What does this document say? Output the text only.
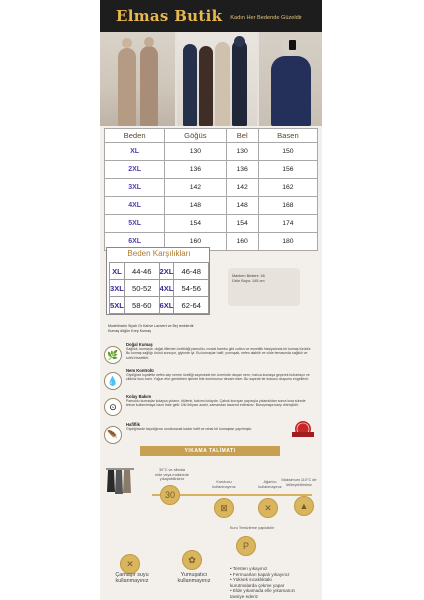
Elmas Butik Kadın Her Bedende Güzeldir
Beden	Göğüs	Bel	Basen
XL	130	130	150
2XL	136	136	156
3XL	142	142	162
4XL	148	148	168
5XL	154	154	174
6XL	160	160	180
Beden Karşılıkları
XL	44-46	2XL	46-48
3XL	50-52	4XL	54-56
5XL	58-60	6XL	62-64
Manken Bedeni: 46
Ürün Boyu: 145 cm
Modelimizin Siyah Or Kahve Lacivert ve Bej renklerdir
Kumaş döğün Krep Kumaş
🌿
Doğal Kumaş
Sağlıklı, kumaştır, doğal liflerden üretildiği pamuklu, modal bambu gibi cotton ve esnetilik hissiyatında bir kumaş türüdür. Bu kumaş sağlığı ürünü sunuyor, giyimde iyi. Bu kumaşlar hafif, yumuşak, nefes alabilir ve cilde temasında sağlıklı ve sıhhi hissettirir.
💧
Nem Kontrolü
Giydiğiniz kıyafetin nefes alıp verme özelliği sayesinde ten üzerinde oluşan nem, hızlıca kumaşa geçerek buharlaşır ve cildiniz kuru kalır. Yoğun efor gerektiren işlerde bile konforunuz devam eder. Bu sayede ter kokusu oluşumu engellenir.
⊙
Kolay Bakım
Pamuklu kumaşlar kolayca yıkanır, ütülenir, bakımı kolaydır. Çabuk kuruyan yapısıyla yıkandıktan sonra kısa sürede tekrar kullanılmaya hazır hale gelir. Ütü ihtiyacı azalır, zamandan tasarruf edersiniz. Buruşmaya karşı dirençlidir.
🪶
Hafiflik
Giydiğinizde taşıdığınızı unutturacak kadar hafif ve rahat bir kumaştan yapılmıştır.
YIKAMA TALİMATI
30°C ve altında
elde veya makinede
yıkayabilirsiniz
30
Kurutucu
kullanmayınız
⊠
Ağartıcı
kullanmayınız
✕
Maksimum 110°C de
ütüleyebilirsiniz
▲
Kuru Temizleme yapılabilir
P
✕
Çamaşır suyu
kullanmayınız
✿
Yumuşatıcı
kullanmayınız
• Tersten yıkayınız
• Fermuarları kapalı yıkayınız
• Yüksek sıcaklıktaki
kurutmalarda çekme yapar
• Elde yıkamada elle yıkamanızı
tavsiye ederiz
